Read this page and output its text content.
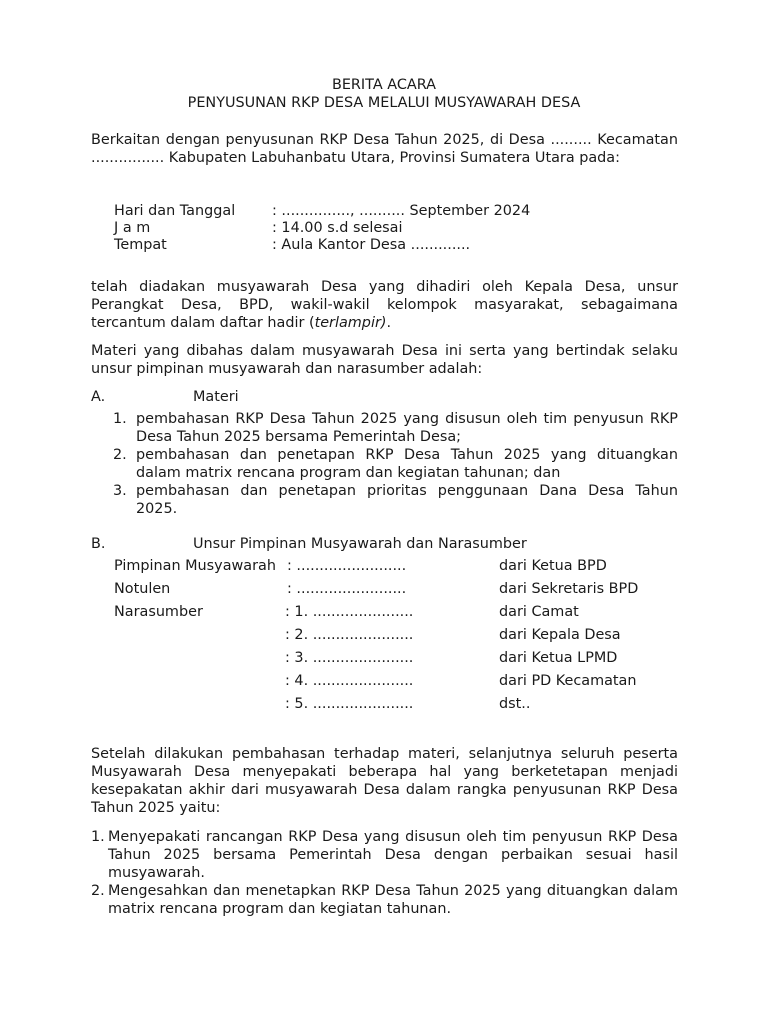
BERITA ACARA
PENYUSUNAN RKP DESA MELALUI MUSYAWARAH DESA
Berkaitan dengan penyusunan RKP Desa Tahun 2025, di Desa ......... Kecamatan ................ Kabupaten Labuhanbatu Utara, Provinsi Sumatera Utara pada:
Hari dan Tanggal	: ..............., .......... September 2024
J a m	: 14.00 s.d selesai
Tempat	: Aula Kantor Desa .............
telah diadakan musyawarah Desa yang dihadiri oleh Kepala Desa, unsur Perangkat Desa, BPD, wakil-wakil kelompok masyarakat, sebagaimana tercantum dalam daftar hadir (terlampir).
Materi yang dibahas dalam musyawarah Desa ini serta yang bertindak selaku unsur pimpinan musyawarah dan narasumber adalah:
A.	Materi
1. pembahasan RKP Desa Tahun 2025 yang disusun oleh tim penyusun RKP Desa Tahun 2025 bersama Pemerintah Desa;
2. pembahasan dan penetapan RKP Desa Tahun 2025 yang dituangkan dalam matrix rencana program dan kegiatan tahunan; dan
3. pembahasan dan penetapan prioritas penggunaan Dana Desa Tahun 2025.
B.	Unsur Pimpinan Musyawarah dan Narasumber
Pimpinan Musyawarah : ........................	dari Ketua BPD
Notulen	: ........................	dari Sekretaris BPD
Narasumber	: 1. ......................	dari Camat
: 2. ......................	dari Kepala Desa
: 3. ......................	dari Ketua LPMD
: 4. ......................	dari PD Kecamatan
: 5. ......................	dst..
Setelah dilakukan pembahasan terhadap materi, selanjutnya seluruh peserta Musyawarah Desa menyepakati beberapa hal yang berketetapan menjadi kesepakatan akhir dari musyawarah Desa dalam rangka penyusunan RKP Desa Tahun 2025 yaitu:
1. Menyepakati rancangan RKP Desa yang disusun oleh tim penyusun RKP Desa Tahun 2025 bersama Pemerintah Desa dengan perbaikan sesuai hasil musyawarah.
2. Mengesahkan dan menetapkan RKP Desa Tahun 2025 yang dituangkan dalam matrix rencana program dan kegiatan tahunan.
